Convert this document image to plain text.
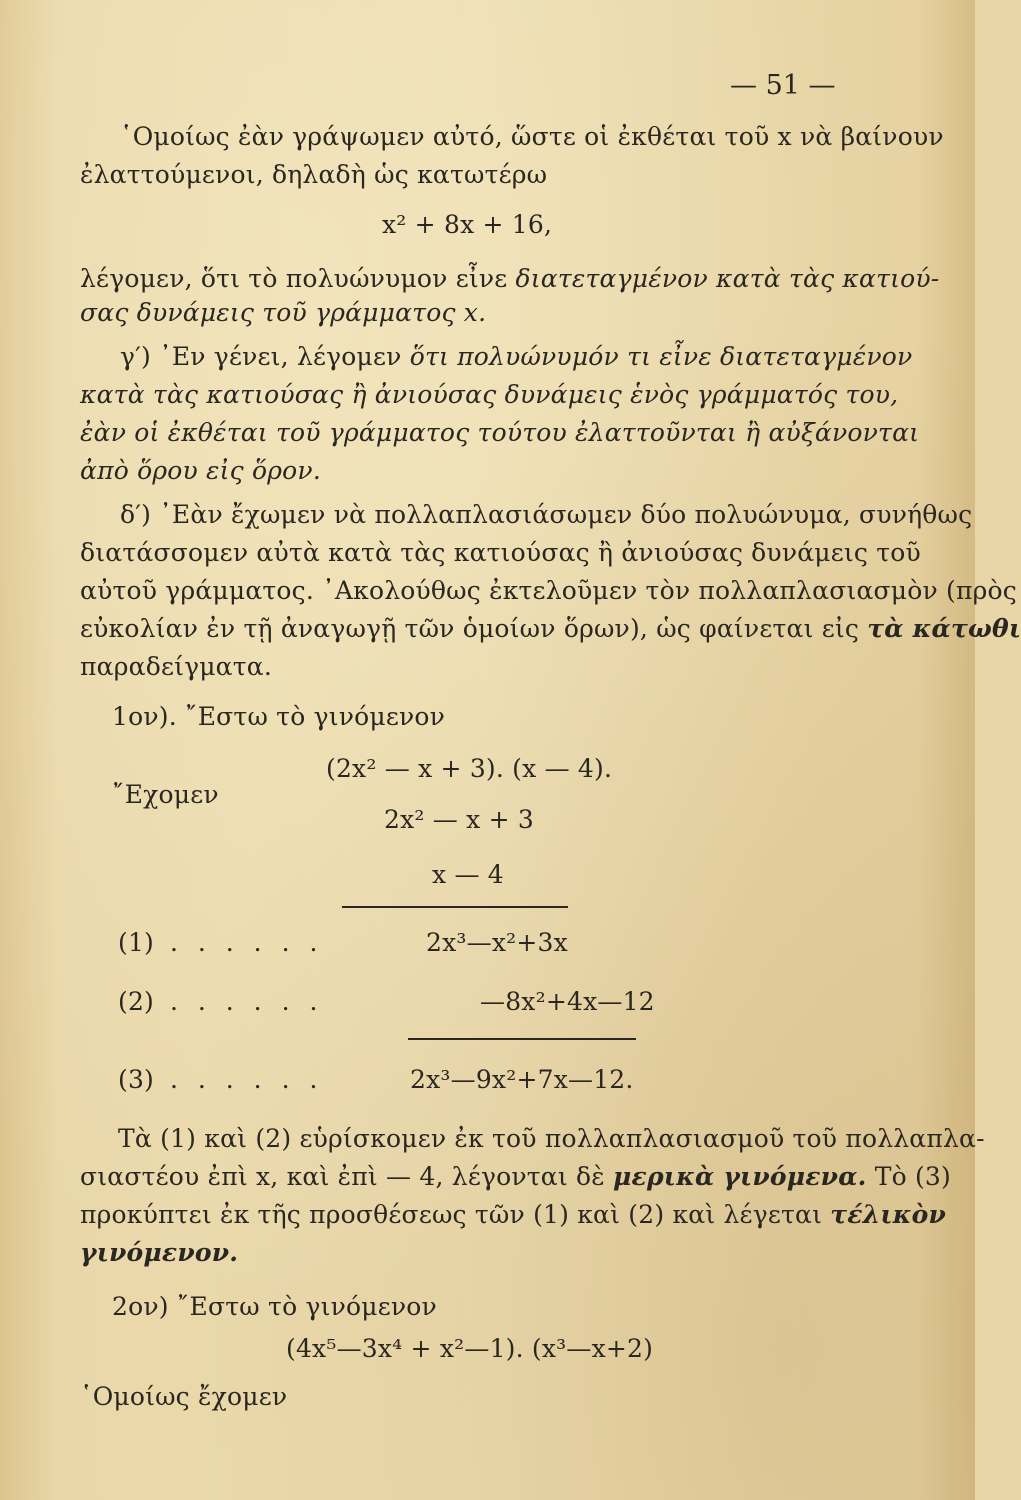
— 51 —
῾Ομοίως ἐὰν γράψωμεν αὐτό, ὥστε οἱ ἐκθέται τοῦ x νὰ βαίνουν
ἐλαττούμενοι, δηλαδὴ ὡς κατωτέρω
x² + 8x + 16,
λέγομεν, ὅτι τὸ πολυώνυμον εἶνε διατεταγμένον κατὰ τὰς κατιού-
σας δυνάμεις τοῦ γράμματος x.
γ′) ᾿Εν γένει, λέγομεν ὅτι πολυώνυμόν τι εἶνε διατεταγμένον
κατὰ τὰς κατιούσας ἢ ἀνιούσας δυνάμεις ἑνὸς γράμματός του,
ἐὰν οἱ ἐκθέται τοῦ γράμματος τούτου ἐλαττοῦνται ἢ αὐξάνονται
ἀπὸ ὅρου εἰς ὅρον.
δ′) ᾿Εὰν ἔχωμεν νὰ πολλαπλασιάσωμεν δύο πολυώνυμα, συνήθως
διατάσσομεν αὐτὰ κατὰ τὰς κατιούσας ἢ ἀνιούσας δυνάμεις τοῦ
αὐτοῦ γράμματος. ᾿Ακολούθως ἐκτελοῦμεν τὸν πολλαπλασιασμὸν (πρὸς
εὐκολίαν ἐν τῇ ἀναγωγῇ τῶν ὁμοίων ὅρων), ὡς φαίνεται εἰς τὰ κάτωθι
παραδείγματα.
1ον). ῎Εστω τὸ γινόμενον
(2x² — x + 3). (x — 4).
῎Εχομεν
2x² — x + 3
x — 4
(1) . . . . . .	2x³—x²+3x
(2) . . . . . .	—8x²+4x—12
(3) . . . . . .	2x³—9x²+7x—12.
Τὰ (1) καὶ (2) εὑρίσκομεν ἐκ τοῦ πολλαπλασιασμοῦ τοῦ πολλαπλα-
σιαστέου ἐπὶ x, καὶ ἐπὶ — 4, λέγονται δὲ μερικὰ γινόμενα. Τὸ (3)
προκύπτει ἐκ τῆς προσθέσεως τῶν (1) καὶ (2) καὶ λέγεται τέλικὸν
γινόμενον.
2ον) ῎Εστω τὸ γινόμενον
(4x⁵—3x⁴ + x²—1). (x³—x+2)
῾Ομοίως ἔχομεν
